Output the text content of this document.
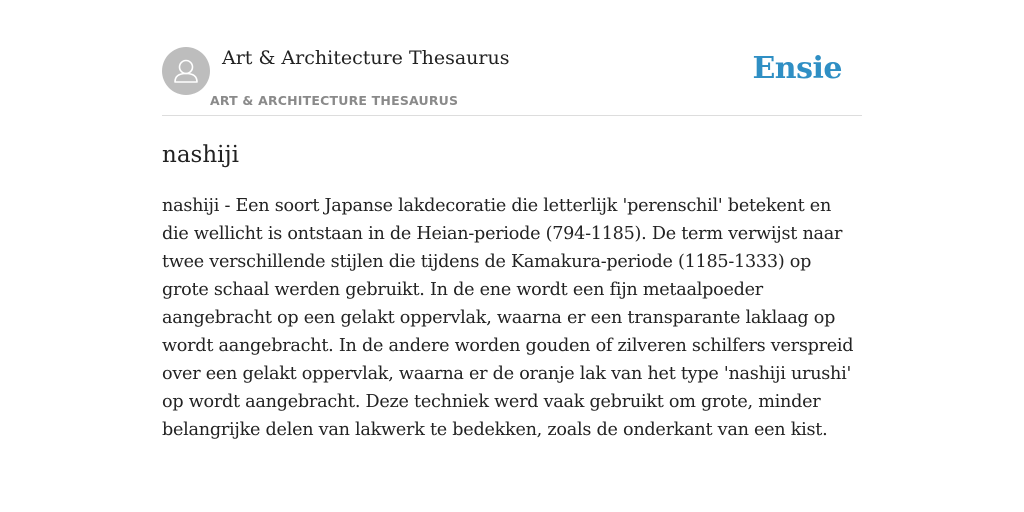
Art & Architecture Thesaurus
ART & ARCHITECTURE THESAURUS
Ensie
nashiji

nashiji - Een soort Japanse lakdecoratie die letterlijk 'perenschil' betekent en die wellicht is ontstaan in de Heian-periode (794-1185). De term verwijst naar twee verschillende stijlen die tijdens de Kamakura-periode (1185-1333) op grote schaal werden gebruikt. In de ene wordt een fijn metaalpoeder aangebracht op een gelakt oppervlak, waarna er een transparante laklaag op wordt aangebracht. In de andere worden gouden of zilveren schilfers verspreid over een gelakt oppervlak, waarna er de oranje lak van het type 'nashiji urushi' op wordt aangebracht. Deze techniek werd vaak gebruikt om grote, minder belangrijke delen van lakwerk te bedekken, zoals de onderkant van een kist.
